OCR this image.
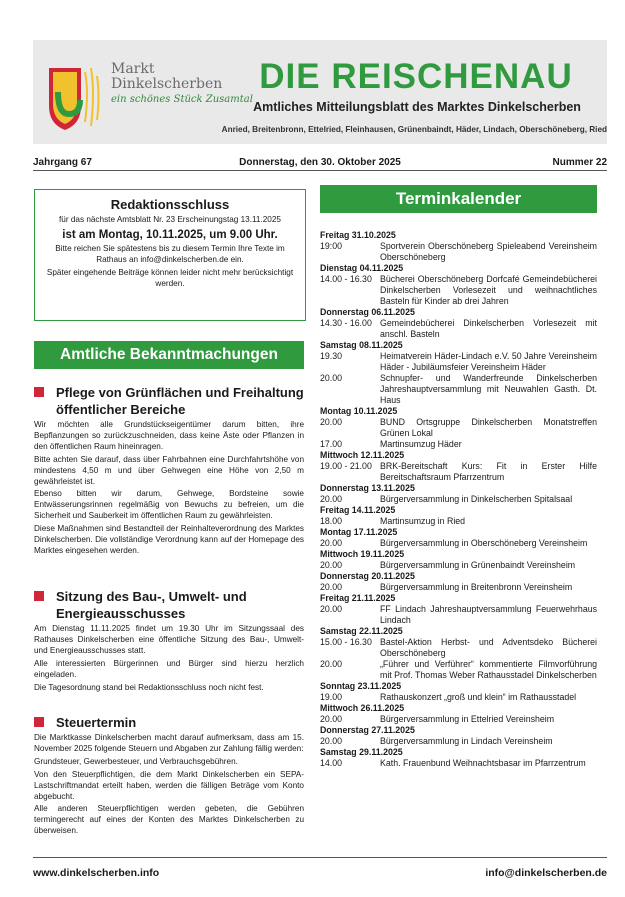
Markt
Dinkelscherben
ein schönes Stück Zusamtal
DIE REISCHENAU
Amtliches Mitteilungsblatt des Marktes Dinkelscherben
Anried, Breitenbronn, Ettelried, Fleinhausen, Grünenbaindt, Häder, Lindach, Oberschöneberg, Ried
Jahrgang 67	Donnerstag, den 30. Oktober 2025	Nummer 22
Redaktionsschluss
für das nächste Amtsblatt Nr. 23 Erscheinungstag 13.11.2025
ist am Montag, 10.11.2025, um 9.00 Uhr.
Bitte reichen Sie spätestens bis zu diesem Termin Ihre Texte im Rathaus an info@dinkelscherben.de ein.
Später eingehende Beiträge können leider nicht mehr berücksichtigt werden.
Amtliche Bekanntmachungen
Pflege von Grünflächen und Freihaltung öffentlicher Bereiche

Wir möchten alle Grundstückseigentümer darum bitten, ihre Bepflanzungen so zurückzuschneiden, dass keine Äste oder Pflanzen in den öffentlichen Raum hineinragen.

Bitte achten Sie darauf, dass über Fahrbahnen eine Durchfahrtshöhe von mindestens 4,50 m und über Gehwegen eine Höhe von 2,50 m gewährleistet ist.

Ebenso bitten wir darum, Gehwege, Bordsteine sowie Entwässerungsrinnen regelmäßig von Bewuchs zu befreien, um die Sicherheit und Sauberkeit im öffentlichen Raum zu gewährleisten.

Diese Maßnahmen sind Bestandteil der Reinhalteverordnung des Marktes Dinkelscherben. Die vollständige Verordnung kann auf der Homepage des Marktes eingesehen werden.

Sitzung des Bau-, Umwelt- und Energieausschusses

Am Dienstag 11.11.2025 findet um 19.30 Uhr im Sitzungssaal des Rathauses Dinkelscherben eine öffentliche Sitzung des Bau-, Umwelt- und Energieausschusses statt.

Alle interessierten Bürgerinnen und Bürger sind hierzu herzlich eingeladen.

Die Tagesordnung stand bei Redaktionsschluss noch nicht fest.

Steuertermin

Die Marktkasse Dinkelscherben macht darauf aufmerksam, dass am 15. November 2025 folgende Steuern und Abgaben zur Zahlung fällig werden:

Grundsteuer, Gewerbesteuer, und Verbrauchsgebühren.

Von den Steuerpflichtigen, die dem Markt Dinkelscherben ein SEPA-Lastschriftmandat erteilt haben, werden die fälligen Beträge vom Konto abgebucht.

Alle anderen Steuerpflichtigen werden gebeten, die Gebühren termingerecht auf eines der Konten des Marktes Dinkelscherben zu überweisen.

Terminkalender
Freitag 31.10.2025
19:00	Sportverein Oberschöneberg Spieleabend Vereinsheim Oberschöneberg
Dienstag 04.11.2025
14.00 - 16.30 Bücherei Oberschöneberg Dorfcafé Gemeindebücherei Dinkelscherben Vorlesezeit und weihnachtliches Basteln für Kinder ab drei Jahren
Donnerstag 06.11.2025
14.30 - 16.00 Gemeindebücherei Dinkelscherben Vorlesezeit mit anschl. Basteln
Samstag 08.11.2025
19.30	Heimatverein Häder-Lindach e.V. 50 Jahre Vereinsheim Häder - Jubiläumsfeier Vereinsheim Häder
20.00	Schnupfer- und Wanderfreunde Dinkelscherben Jahreshauptversammlung mit Neuwahlen Gasth. Dt. Haus
Montag 10.11.2025
20.00	BUND Ortsgruppe Dinkelscherben Monatstreffen Grünen Lokal
17.00	Martinsumzug Häder
Mittwoch 12.11.2025
19.00 - 21.00 BRK-Bereitschaft Kurs: Fit in Erster Hilfe Bereitschaftsraum Pfarrzentrum
Donnerstag 13.11.2025
20.00	Bürgerversammlung in Dinkelscherben Spitalsaal
Freitag 14.11.2025
18.00	Martinsumzug in Ried
Montag 17.11.2025
20.00	Bürgerversammlung in Oberschöneberg Vereinsheim
Mittwoch 19.11.2025
20.00	Bürgerversammlung in Grünenbaindt Vereinsheim
Donnerstag 20.11.2025
20.00	Bürgerversammlung in Breitenbronn Vereinsheim
Freitag 21.11.2025
20.00	FF Lindach Jahreshauptversammlung Feuerwehrhaus Lindach
Samstag 22.11.2025
15.00 - 16.30 Bastel-Aktion Herbst- und Adventsdeko Bücherei Oberschöneberg
20.00	„Führer und Verführer“ kommentierte Filmvorführung mit Prof. Thomas Weber Rathausstadel Dinkelscherben
Sonntag 23.11.2025
19.00	Rathauskonzert „groß und klein“ im Rathausstadel
Mittwoch 26.11.2025
20.00	Bürgerversammlung in Ettelried Vereinsheim
Donnerstag 27.11.2025
20.00	Bürgerversammlung in Lindach Vereinsheim
Samstag 29.11.2025
14.00	Kath. Frauenbund Weihnachtsbasar im Pfarrzentrum
www.dinkelscherben.info	info@dinkelscherben.de
